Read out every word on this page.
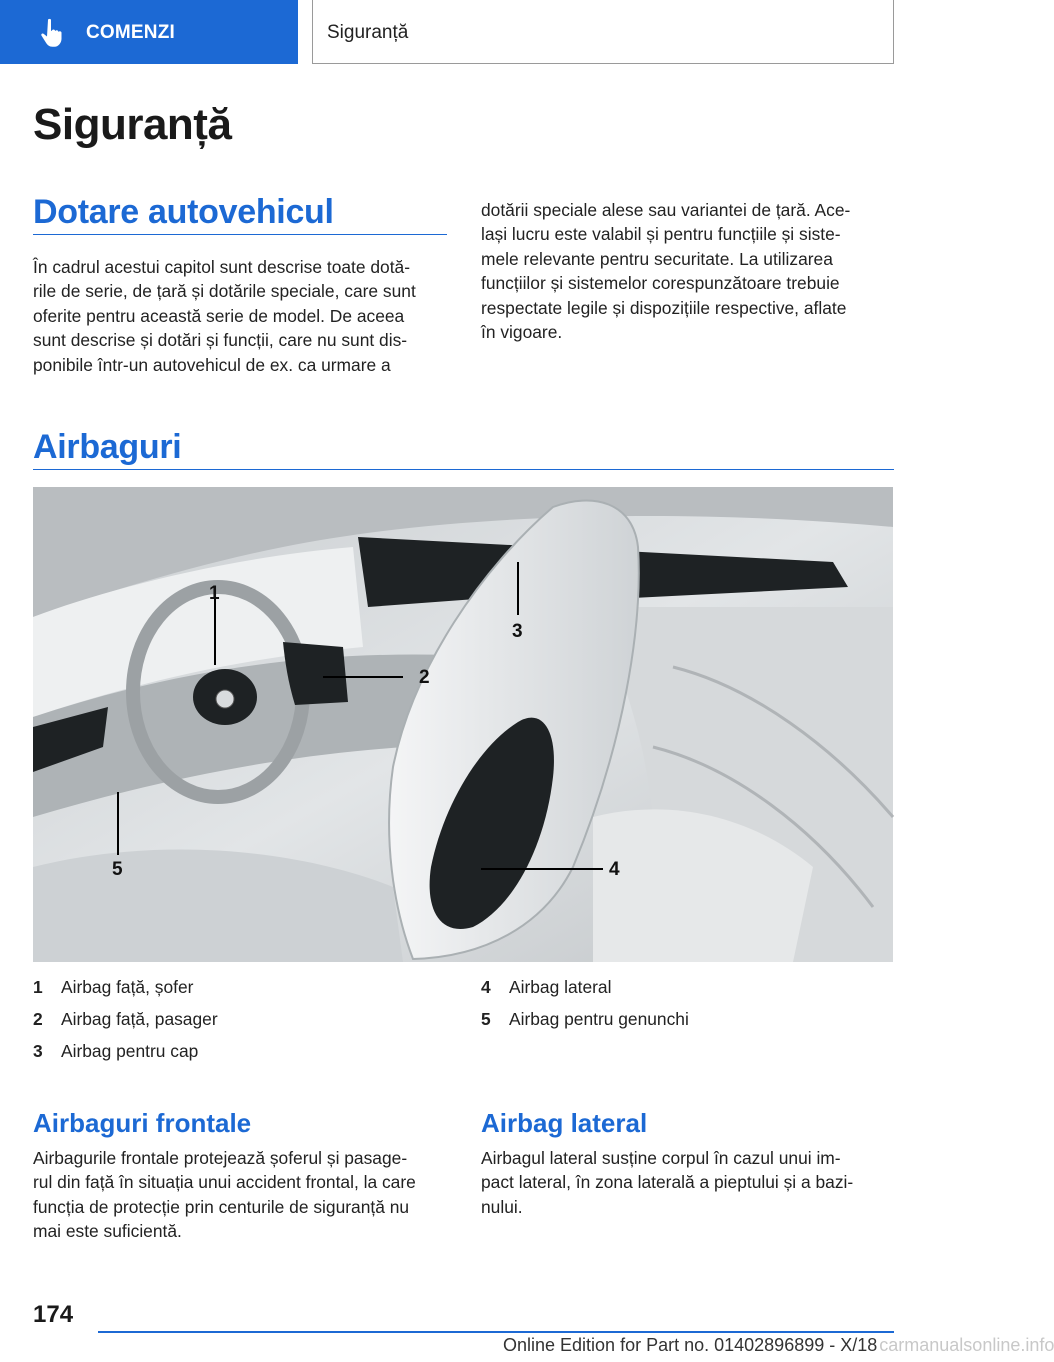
COMENZI	Siguranță
Siguranță
Dotare autovehicul
În cadrul acestui capitol sunt descrise toate dotă-
rile de serie, de țară și dotările speciale, care sunt
oferite pentru această serie de model. De aceea
sunt descrise și dotări și funcții, care nu sunt dis-
ponibile într-un autovehicul de ex. ca urmare a
dotării speciale alese sau variantei de țară. Ace-
lași lucru este valabil și pentru funcțiile și siste-
mele relevante pentru securitate. La utilizarea
funcțiilor și sistemelor corespunzătoare trebuie
respectate legile și dispozițiile respective, aflate
în vigoare.
Airbaguri
1
2
3
4
5
1	Airbag față, șofer
2	Airbag față, pasager
3	Airbag pentru cap
4	Airbag lateral
5	Airbag pentru genunchi
Airbaguri frontale
Airbagurile frontale protejează șoferul și pasage-
rul din față în situația unui accident frontal, la care
funcția de protecție prin centurile de siguranță nu
mai este suficientă.
Airbag lateral
Airbagul lateral susține corpul în cazul unui im-
pact lateral, în zona laterală a pieptului și a bazi-
nului.
174
Online Edition for Part no. 01402896899 - X/18 carmanualsonline.info
